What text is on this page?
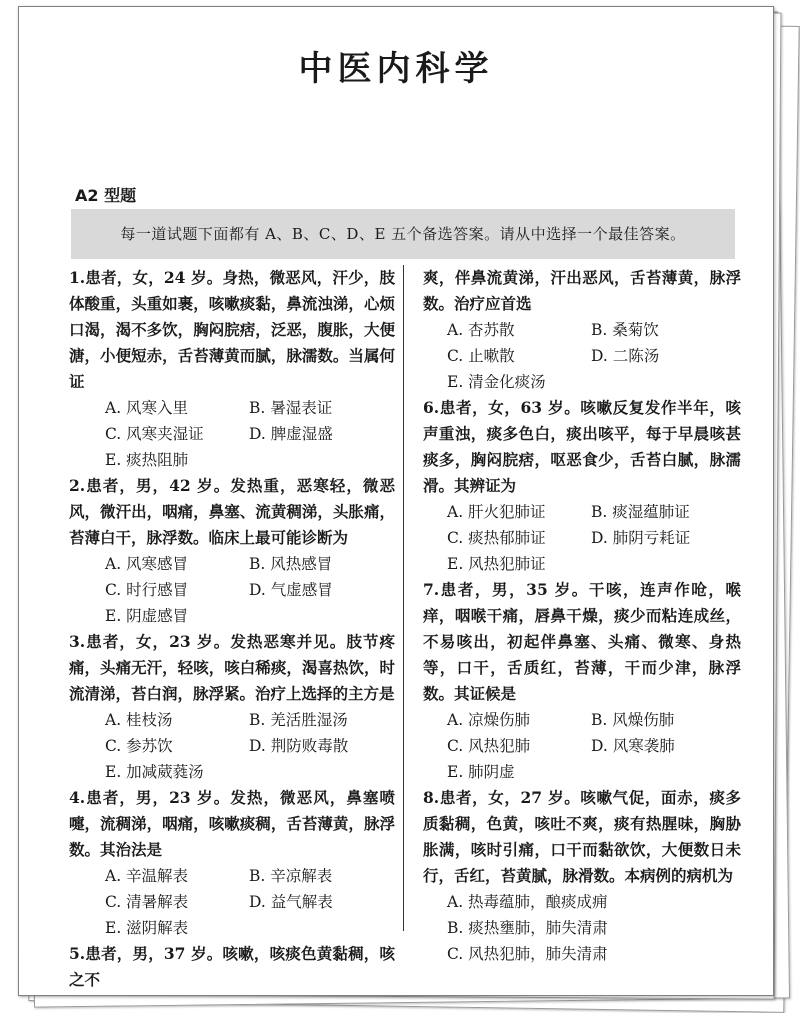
中医内科学
A2 型题
每一道试题下面都有 A、B、C、D、E 五个备选答案。请从中选择一个最佳答案。

1.患者，女，24 岁。身热，微恶风，汗少，肢体酸重，头重如裹，咳嗽痰黏，鼻流浊涕，心烦口渴，渴不多饮，胸闷脘痞，泛恶，腹胀，大便溏，小便短赤，舌苔薄黄而腻，脉濡数。当属何证

A. 风寒入里	B. 暑湿表证

C. 风寒夹湿证	D. 脾虚湿盛

E. 痰热阻肺

2.患者，男，42 岁。发热重，恶寒轻，微恶风，微汗出，咽痛，鼻塞、流黄稠涕，头胀痛，苔薄白干，脉浮数。临床上最可能诊断为

A. 风寒感冒	B. 风热感冒

C. 时行感冒	D. 气虚感冒

E. 阴虚感冒

3.患者，女，23 岁。发热恶寒并见。肢节疼痛，头痛无汗，轻咳，咳白稀痰，渴喜热饮，时流清涕，苔白润，脉浮紧。治疗上选择的主方是

A. 桂枝汤	B. 羌活胜湿汤

C. 参苏饮	D. 荆防败毒散

E. 加减葳蕤汤

4.患者，男，23 岁。发热，微恶风，鼻塞喷嚏，流稠涕，咽痛，咳嗽痰稠，舌苔薄黄，脉浮数。其治法是

A. 辛温解表	B. 辛凉解表

C. 清暑解表	D. 益气解表

E. 滋阴解表

5.患者，男，37 岁。咳嗽，咳痰色黄黏稠，咳之不

爽，伴鼻流黄涕，汗出恶风，舌苔薄黄，脉浮数。治疗应首选

A. 杏苏散	B. 桑菊饮

C. 止嗽散	D. 二陈汤

E. 清金化痰汤

6.患者，女，63 岁。咳嗽反复发作半年，咳声重浊，痰多色白，痰出咳平，每于早晨咳甚痰多，胸闷脘痞，呕恶食少，舌苔白腻，脉濡滑。其辨证为

A. 肝火犯肺证	B. 痰湿蕴肺证

C. 痰热郁肺证	D. 肺阴亏耗证

E. 风热犯肺证

7.患者，男，35 岁。干咳，连声作呛，喉痒，咽喉干痛，唇鼻干燥，痰少而粘连成丝，不易咳出，初起伴鼻塞、头痛、微寒、身热等，口干，舌质红，苔薄，干而少津，脉浮数。其证候是

A. 凉燥伤肺	B. 风燥伤肺

C. 风热犯肺	D. 风寒袭肺

E. 肺阴虚

8.患者，女，27 岁。咳嗽气促，面赤，痰多质黏稠，色黄，咳吐不爽，痰有热腥味，胸胁胀满，咳时引痛，口干而黏欲饮，大便数日未行，舌红，苔黄腻，脉滑数。本病例的病机为

A. 热毒蕴肺，酿痰成痈

B. 痰热壅肺，肺失清肃

C. 风热犯肺，肺失清肃
